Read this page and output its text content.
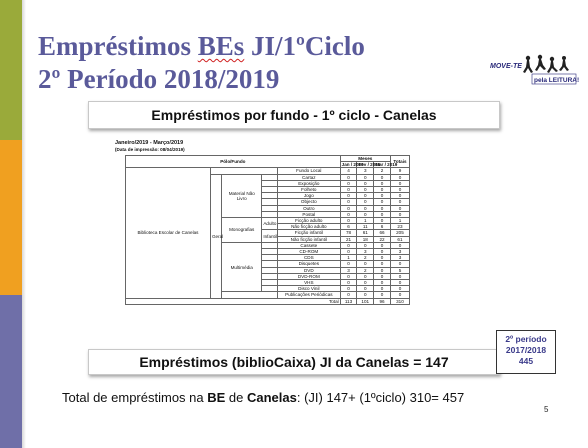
Empréstimos BEs JI/1ºCiclo
2º Período 2018/2019	MOVE-TE
pela LEITURA!
Empréstimos por fundo - 1º ciclo - Canelas
Janeiro/2019 - Março/2019
(Data de impressão: 08/04/2019)
Pólo/Fundo					Meses			Totais
					Jan / 2019	Fev / 2019	Mar / 2019	
Biblioteca Escolar de Canelas				Fundo Local	4	3	2	9
	Geral	Material Não Livro		Cartaz	0	0	0	0
				Exposição	0	0	0	0
				Folheto	0	0	0	0
				Jogo	0	0	0	0
				Objecto	0	0	0	0
				Outro	0	0	0	0
				Postal	0	0	0	0
		Monografias	Adulto	Ficção adulto	0	1	0	1
				Não ficção adulto	6	11	6	23
			Infantil	Ficção infantil	78	61	66	205
				Não ficção infantil	21	18	22	61
		Multimédia		Cassete	0	0	0	0
				CD-ROM	0	3	0	3
				CDS	1	2	0	3
				Disquetes	0	0	0	0
				DVD	3	2	0	5
				DVD-ROM	0	0	0	0
				VHS	0	0	0	0
				Disco Vinil	0	0	0	0
				Publicações Periódicas	0	0	0	0
Total					113	101	96	310
Empréstimos (biblioCaixa) JI da Canelas = 147
2º período
2017/2018
445
Total de empréstimos na BE de Canelas: (JI) 147+ (1ºciclo) 310= 457
5
